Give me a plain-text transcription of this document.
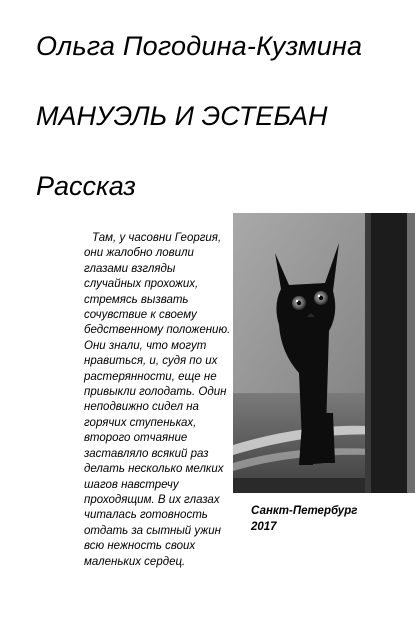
Ольга Погодина-Кузмина
МАНУЭЛЬ И ЭСТЕБАН
Рассказ
Там, у часовни Георгия, они жалобно ловили глазами взгляды случайных прохожих, стремясь вызвать сочувствие к своему бедственному положению. Они знали, что могут нравиться, и, судя по их растерянности, еще не привыкли голодать. Один неподвижно сидел на горячих ступеньках, второго отчаяние заставляло всякий раз делать несколько мелких шагов навстречу проходящим. В их глазах читалась готовность отдать за сытный ужин всю нежность своих маленьких сердец.
Санкт-Петербург
2017
